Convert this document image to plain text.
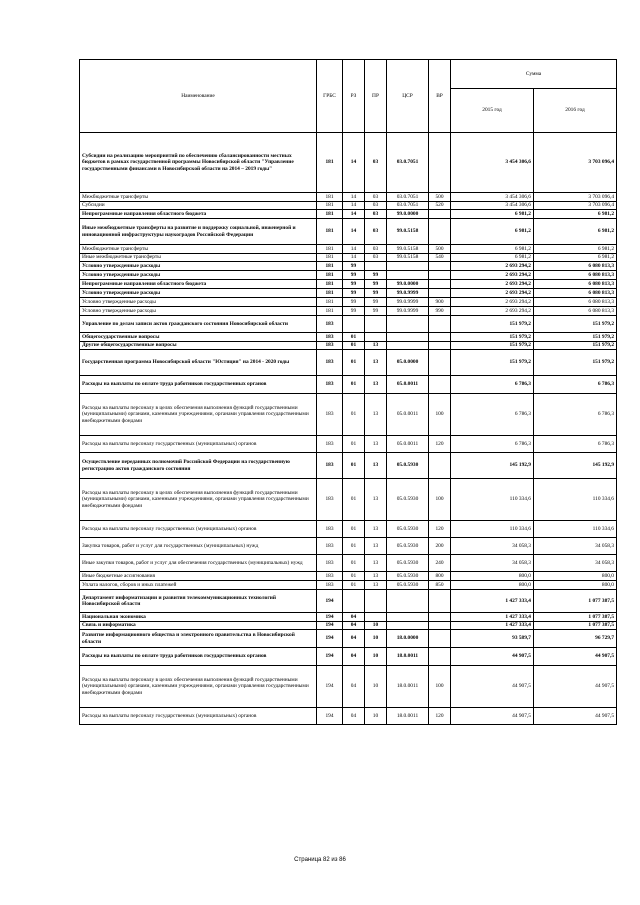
Наименование	ГРБС	РЗ	ПР	ЦСР	ВР	Сумма	
						2015 год	2016 год
Субсидии на реализацию мероприятий по обеспечению сбалансированности местных бюджетов в рамках государственной программы Новосибирской области "Управление государственными финансами в Новосибирской области на 2014 – 2019 годы"	181	14	03	03.0.7051		3 454 306,6	3 703 096,4
Межбюджетные трансферты	181	14	03	03.0.7051	500	3 454 306,6	3 703 096,4
Субсидии	181	14	03	03.0.7051	520	3 454 306,6	3 703 096,4
Непрограммные направления областного бюджета	181	14	03	99.0.0000		6 981,2	6 981,2
Иные межбюджетные трансферты на развитие и поддержку социальной, инженерной и инновационной инфраструктуры наукоградов Российской Федерации	181	14	03	99.0.5158		6 981,2	6 981,2
Межбюджетные трансферты	181	14	03	99.0.5158	500	6 981,2	6 981,2
Иные межбюджетные трансферты	181	14	03	99.0.5158	540	6 981,2	6 981,2
Условно утвержденные расходы	181	99				2 693 294,2	6 080 813,3
Условно утвержденные расходы	181	99	99			2 693 294,2	6 080 813,3
Непрограммные направления областного бюджета	181	99	99	99.0.0000		2 693 294,2	6 080 813,3
Условно утвержденные расходы	181	99	99	99.0.9999		2 693 294,2	6 080 813,3
Условно утвержденные расходы	181	99	99	99.0.9999	900	2 693 294,2	6 080 813,3
Условно утвержденные расходы	181	99	99	99.0.9999	990	2 693 294,2	6 080 813,3
Управление по делам записи актов гражданского состояния Новосибирской области	183					151 979,2	151 979,2
Общегосударственные вопросы	183	01				151 979,2	151 979,2
Другие общегосударственные вопросы	183	01	13			151 979,2	151 979,2
Государственная программа Новосибирской области "Юстиция" на 2014 - 2020 годы	183	01	13	05.0.0000		151 979,2	151 979,2
Расходы на выплаты по оплате труда работников государственных органов	183	01	13	05.0.0011		6 786,3	6 786,3
Расходы на выплаты персоналу в целях обеспечения выполнения функций государственными (муниципальными) органами, казенными учреждениями, органами управления государственными внебюджетными фондами	183	01	13	05.0.0011	100	6 786,3	6 786,3
Расходы на выплаты персоналу государственных (муниципальных) органов	183	01	13	05.0.0011	120	6 786,3	6 786,3
Осуществление переданных полномочий Российской Федерации на государственную регистрацию актов гражданского состояния	183	01	13	05.0.5930		145 192,9	145 192,9
Расходы на выплаты персоналу в целях обеспечения выполнения функций государственными (муниципальными) органами, казенными учреждениями, органами управления государственными внебюджетными фондами	183	01	13	05.0.5930	100	110 334,6	110 334,6
Расходы на выплаты персоналу государственных (муниципальных) органов	183	01	13	05.0.5930	120	110 334,6	110 334,6
Закупка товаров, работ и услуг для государственных (муниципальных) нужд	183	01	13	05.0.5930	200	34 058,3	34 058,3
Иные закупки товаров, работ и услуг для обеспечения государственных (муниципальных) нужд	183	01	13	05.0.5930	240	34 058,3	34 058,3
Иные бюджетные ассигнования	183	01	13	05.0.5930	800	800,0	800,0
Уплата налогов, сборов и иных платежей	183	01	13	05.0.5930	850	800,0	800,0
Департамент информатизации и развития телекоммуникационных технологий Новосибирской области	194					1 427 333,4	1 077 387,5
Национальная экономика	194	04				1 427 333,4	1 077 387,5
Связь и информатика	194	04	10			1 427 333,4	1 077 387,5
Развитие информационного общества и электронного правительства в Новосибирской области	194	04	10	18.0.0000		93 589,7	96 729,7
Расходы на выплаты по оплате труда работников государственных органов	194	04	10	18.0.0011		44 907,5	44 907,5
Расходы на выплаты персоналу в целях обеспечения выполнения функций государственными (муниципальными) органами, казенными учреждениями, органами управления государственными внебюджетными фондами	194	04	10	18.0.0011	100	44 907,5	44 907,5
Расходы на выплаты персоналу государственных (муниципальных) органов	194	04	10	18.0.0011	120	44 907,5	44 907,5
Страница 82 из 86
